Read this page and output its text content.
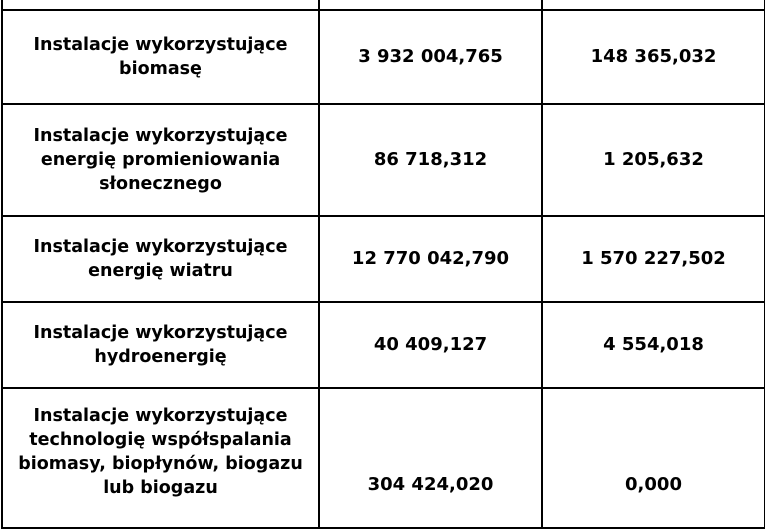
Instalacje wykorzystujące biomasę	3 932 004,765	148 365,032
Instalacje wykorzystujące energię promieniowania słonecznego	86 718,312	1 205,632
Instalacje wykorzystujące energię wiatru	12 770 042,790	1 570 227,502
Instalacje wykorzystujące hydroenergię	40 409,127	4 554,018
Instalacje wykorzystujące technologię współspalania biomasy, biopłynów, biogazu lub biogazu	304 424,020	0,000
